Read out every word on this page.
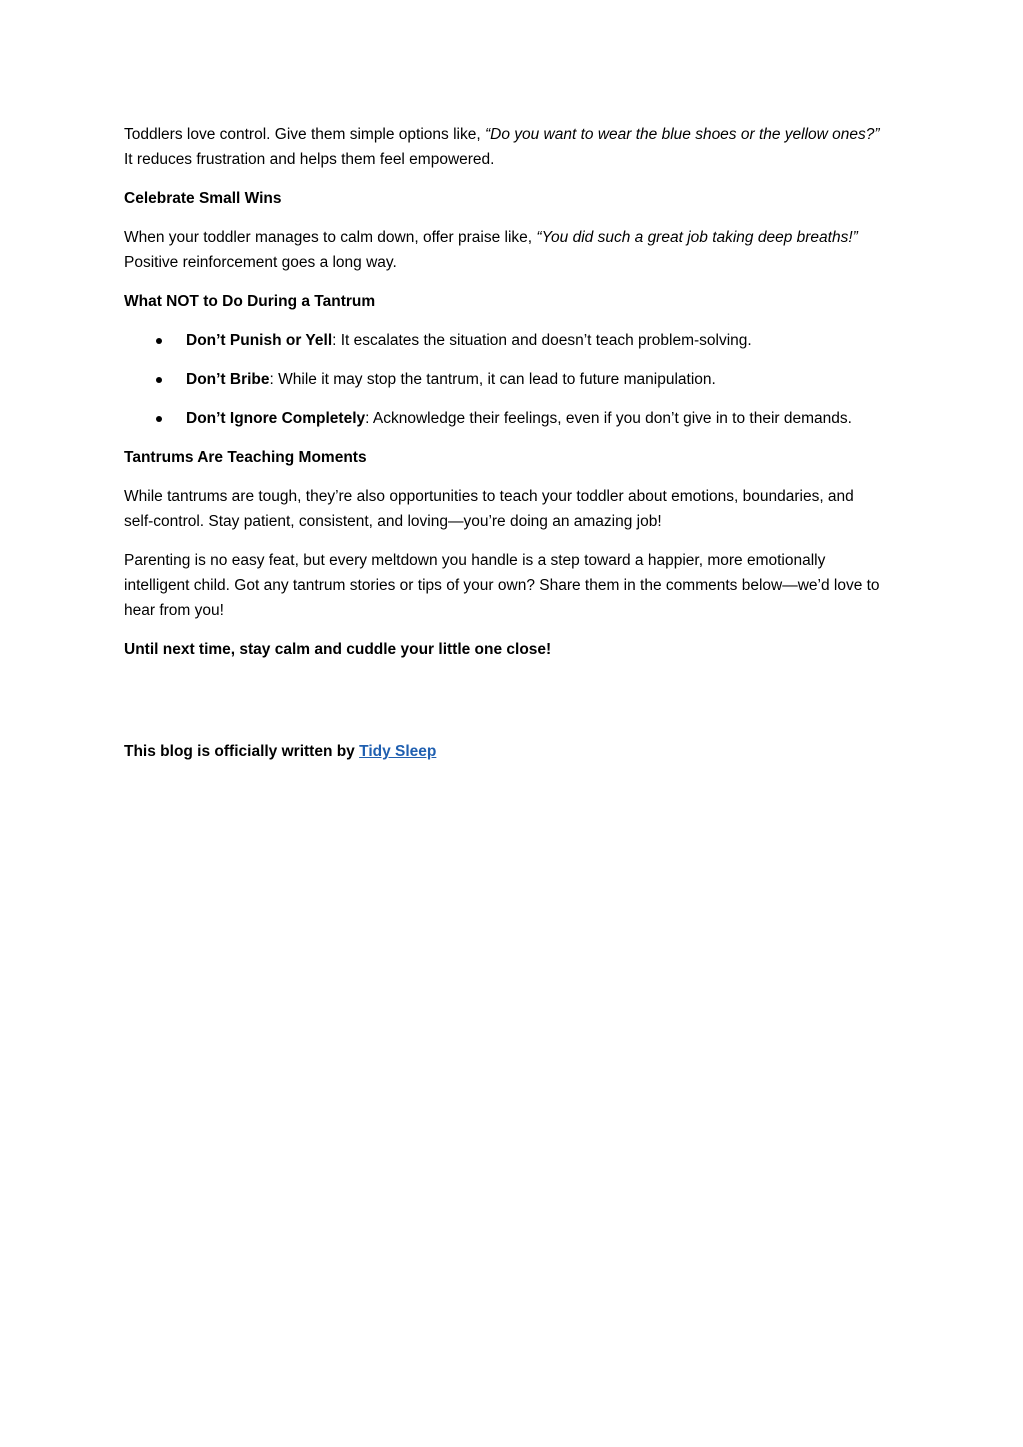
Toddlers love control. Give them simple options like, “Do you want to wear the blue shoes or the yellow ones?” It reduces frustration and helps them feel empowered.

Celebrate Small Wins

When your toddler manages to calm down, offer praise like, “You did such a great job taking deep breaths!” Positive reinforcement goes a long way.

What NOT to Do During a Tantrum
Don’t Punish or Yell: It escalates the situation and doesn’t teach problem-solving.
Don’t Bribe: While it may stop the tantrum, it can lead to future manipulation.
Don’t Ignore Completely: Acknowledge their feelings, even if you don’t give in to their demands.
Tantrums Are Teaching Moments

While tantrums are tough, they’re also opportunities to teach your toddler about emotions, boundaries, and self-control. Stay patient, consistent, and loving—you’re doing an amazing job!

Parenting is no easy feat, but every meltdown you handle is a step toward a happier, more emotionally intelligent child. Got any tantrum stories or tips of your own? Share them in the comments below—we’d love to hear from you!

Until next time, stay calm and cuddle your little one close!

This blog is officially written by Tidy Sleep
